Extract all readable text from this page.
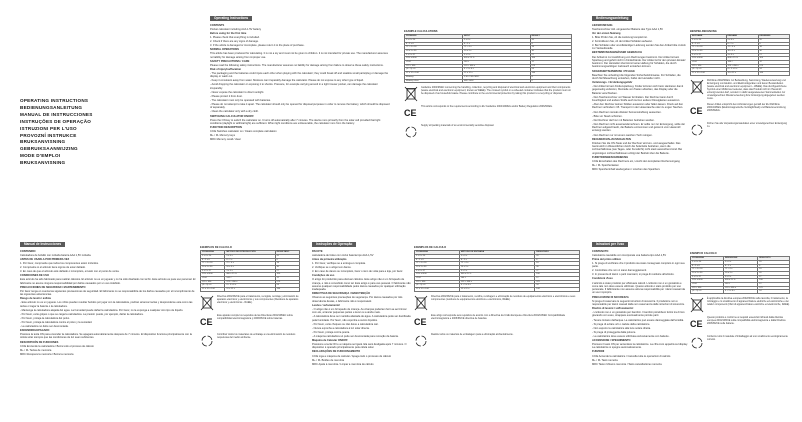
OPERATING INSTRUCTIONS
BEDIENUNGSANLEITUNG
MANUAL DE INSTRUCCIONES
INSTRUÇÕES DE OPERAÇÃO
ISTRUZIONI PER L'USO
PROVOZNÍ INSTRUKCE
BRUKSANVISNING
GEBRUIKSAANWIJZING
MODE D'EMPLOI
BRUKSANVISNING
Operating Instructions
CONTENTS
Pocket calculator including AAA 1.5V battery
Before using for the first time
1. Please check that everything is included.
2. Check if there are any signs of damage.
3. If the article is damaged or incomplete, please return it to the place of purchase.
NORMAL OPERATIONS
This article has been produced for calculating. It is not a toy and must not be given to children. It is not intended for private use. The manufacturer assumes no liability for damage arising from improper use.
SAFETY PRECAUTIONS / CARE
Please read the following safety instructions. The manufacturer assumes no liability for damage arising from failure to observe these safety instructions.
Risk of injury/suffocation
- The packaging and the batteries could injure each other when playing with the calculator; they could break off and swallow small parts/plug or damage the display or wash out.
- Keep it consistent away from water. Moisture can irreparably damage the calculator. Please do not expose to any other type of liquid.
- Avoid dropping the calculator or exposing it to shocks. Pressure, for example carrying around in a tight trouser pocket, can damage the calculator irreparably.
- Never expose the calculator to direct sunlight.
- Please protect it from dust.
- The calculator must only be operated with batteries.
- Please do not attempt to take it apart. The calculator should only be opened for disposal purposes in order to remove the battery, which should be disposed of separately.
- Clean the calculator only with a dry cloth.
SWITCHING CALCULATOR ON/OFF
Press the ON key to switch the calculator on. It turns off automatically after 7 minutes. The device runs primarily from the solar cell provided that light conditions (daylight or artificial light) are sufficient. When light conditions are unfavourable, the calculator runs from the battery.
FUNCTION DESCRIPTION
C/CE Switches calculator on / Clears complete calculation
M+ / M- Memory keys
MRC Memory recall / clear
EXAMPLE CALCULATIONS
PROBLEM	INPUT	RESULT
5 x 4 = 20	5 x 4 =	20
8 - 2 = 6	8 - 2 =	6
72 ÷ 4 = 18	72 ÷ 4 =	18
10 x 3 = 30	10 x 3 =	30
3 x 9 = 27	3 x 9 =	27
25% of 400	400 x 25 %	100
√144	144 √	12
123 + 456	123 + 456 =	579
(4 + 5) x 6	4 + 5 x 6 =	54
12 x 12 = 144	12 x 12 =	144
Memory	5 M+ 3 M+ MRC	8
Memory clear	MRC MRC	0
Guideline 2002/96/EC concerning the handling, collection, recycling and disposal of electrical and electronic equipment and their components (waste electrical and electronic equipment; known as WEEE). The crossed symbol on a wheeled container indicates that the product must not be disposed of as household waste. Please contribute to the environmental protection by taking this product to a recycling or disposal.
CE
This article corresponds to the requirements according to EU Guideline 2004/108/EG and/or Battery Regulation 2006/66/EG.
Supply all packing materials of an environmentally sensitive disposal.
Bedienungsanleitung
LIEFERUMFANG
Taschenrechner inkl. eingesetzter Batterie des Typs AAA 1,5V
Vor der ersten Nutzung
1. Bitte Prüfen Sie, ob die Lieferung komplett ist.
2. Kontrollieren Sie, ob der Artikel Schäden aufweist.
3. Bei Schäden oder unvollständiger Lieferung senden Sie den Artikel bitte zurück zur Verkaufsstelle.
BESTIMMUNGSGEMÄSSER GEBRAUCH
Der Artikel ist zur Ausführung von Rechnungen bestimmt. Der Artikel ist kein Spielzeug und gehört nicht in Kinderhände. Der Artikel ist für den privaten Einsatz bestimmt. Der Hersteller übernimmt keine Haftung für Schäden, die durch bestimmungswidrigen Gebrauch entstehen können.
SICHERHEITSHINWEISE / PFLEGE
Beachten Sie unbedingt die folgenden Sicherheitshinweise. Für Schäden, die durch Nichtbeachtung entstehen, haftet der Hersteller nicht.
Verletzungs- / Erstickungsgefahr
- Der Artikel ist kein Kinderspielzeug. Kinder könnten sich beim Hantieren damit gegenseitig verletzen, Kleinteile von Tasten abreißen, das Display oder die Batterie verschlucken.
- Den Taschenrechner vor Wasser fernhalten. Der Rechner kann durch Feuchtigkeit und andere Stoffe auch kurzen andere Flüssigkeiten aussetzen.
- Aber den Rechner keinen Stößen aussetzen oder fallen lassen. Druck auf den Rechner verhindern z.B. Transport in der Hosentasche oder zu engen Taschen.
- Den Rechner niemals direkter Sonnenstrahlung aussetzen.
- Bitte vor Staub schützen.
- Der Rechner darf nur mit Batterien betrieben werden.
- Den Rechner nicht auseinandernehmen. Er sollte nur zur Entsorgung, sollte der Rechner aufgeschraubt, die Batterie entnommen und getrennt vom Hausmüll entsorgt werden.
- Den Rechner nur mit einem weichen Tuch reinigen.
RECHNER EIN-/AUSSCHALTEN
Drücken Sie die ON-Taste und der Rechner wird ein- und ausgeschaltet. Das Gerät wird im Wesentlichen durch die Solarzelle betrieben, wenn die Lichtverhältnisse (wie Tages- oder Kunstlicht) nicht stark ausreichend sind. Bei ungünstigen Lichtverhältnissen erfolgt der Betrieb über die Batterie.
FUNKTIONSBESCHREIBUNG
C/CE Einschalten des Rechners ein, Löscht den kompletten Rechenvorgang
M+ / M- Speichertasten
MRC Speicherinhalt wiedergeben / Löschen des Speichers
BEISPIELRECHNUNG
AUFGABE	EINGABE	ERGEBNIS
5 x 4 = 20	5 x 4 =	20
8 - 2 = 6	8 - 2 =	6
72 ÷ 4 = 18	72 ÷ 4 =	18
10 x 3 = 30	10 x 3 =	30
3 x 9 = 27	3 x 9 =	27
25% of 400	400 x 25 %	100
√144	144 √	12
123 + 456	123 + 456 =	579
(4 + 5) x 6	4 + 5 x 6 =	54
12 x 12 = 144	12 x 12 =	144
Richtlinie 2002/96/EG zur Behandlung, Sammlung, Wiederverwertung und Entsorgung von Elektro- und Elektronikgeräten und deren Bestandteilen (waste electrical and electronic equipment – WEEE). Das durchgestrichene Symbol einer Mülltonne bedeutet, dass das Produkt nicht im Hausmüll entsorgt werden darf, sondern in dafür ausgewiesenen Sammelstellen zur umweltgerechten Wiederverwertung bzw. Entsorgung abgegeben werden muss.
CE
Dieser Artikel entspricht den Anforderungen gemäß der EU-Richtlinie 2004/108/EG (Elektromagnetische Verträglichkeit) und Batterieverordnung 2006/66/EG.
Führen Sie alle Verpackungsmaterialien einer umweltgerechten Entsorgung zu.
Manual de Instrucciones
CONTENIDO
Calculadora de bolsillo con incluida batería AAA 1,5V incluida.
ANTES DE USARLA POR PRIMERA VEZ
1. Por favor, compruebe que todos los componentes estén incluidos.
2. Compruebe si el artículo tiene signos de estar dañado.
3. En caso de que el artículo esté dañado o incompleto, envíelo con el punto de venta.
CONDICIONES DE USO
Este artículo ha sido fabricado para realizar cálculos. El artículo no es un juguete y no ha sido diseñado con tal fin. Este artículo es para uso personal. El fabricante no asume ninguna responsabilidad por daños causados por un uso indebido.
PRECAUCIONES DE SEGURIDAD / MANTENIMIENTO
Por favor tenga en cuenta las siguientes precauciones de seguridad. El fabricante no se responsabiliza de los daños causados por el incumplimiento de las siguientes advertencias.
Riesgo de lesión / asfixia
- Este artículo no es un juguete. Los niños pueden resultar heridos por jugar con la calculadora, podrían arrancar teclas y desprenderse esta como las teclas o tragar la batería o la calculadora.
- Mantenga la calculadora alejada del agua. La humedad puede dañar la calculadora. Por favor, no la exponga a cualquier otro tipo de líquido.
- Por favor, evite golpes o que se caiga la calculadora. La presión puede, por ejemplo, dañar la calculadora.
- Por favor, proteja la calculadora del polvo.
- Por favor, proteja la calculadora contra el polvo y la suciedad.
- La calculadora no debe ser desmontada.
ENCENDIDO/APAGADO
Presione la tecla ON para encender la calculadora. Se apagará automáticamente después de 7 minutos. El dispositivo funciona principalmente con la célula solar siempre que las condiciones de luz sean suficientes.
DESCRIPCIÓN DE FUNCIONES
C/CE Enciende la calculadora / Borra todo el proceso de cálculo
M+ / M- Teclas de memoria
MRC Recupera la memoria / Borra la memoria
EJEMPLOS DE CÁLCULO
PROBLEMA	MÉTODO DE INTRODUCCIÓN	RESULTADO
5 x 4 = 20	5 x 4 =	20
8 - 2 = 6	8 - 2 =	6
72 ÷ 4 = 18	72 ÷ 4 =	18
10 x 3 = 30	10 x 3 =	30
3 x 9 = 27	3 x 9 =	27
25% of 400	400 x 25 %	100
√144	144 √	12
123 + 456	123 + 456 =	579
(4 + 5) x 6	4 + 5 x 6 =	54
12 x 12 = 144	12 x 12 =	144
Directiva 2002/96/CE para el tratamiento, recogida, reciclaje y eliminación de aparatos eléctricos y electrónicos y sus componentes (Residuos de aparatos eléctricos y electrónicos - RAEE).
CE
Este aparato cumple los requisitos de las Directivas 2004/108/EC sobre compatibilidad electromagnética y 2006/66/CE sobre baterías.
Contribuir todos los materiales de embalaje a una eliminación de residuos respetuosa del medio ambiente.
Instruções de Operação
PACOTE
calculadora de bolso com incluí bateria tipo AAA 1,5V
Antes da primeira utilização
1. Por favor, verifique se a entrega é completa.
2. Verifique se o artigo tem danos.
3. Em caso de danos ou incompleto, favor o item de volta para a loja, por favor.
Condições de uso
O artigo foi produzido para efectuar cálculos. Este artigo não é um brinquedo de criança, e não é concebido como tal. Este artigo é para uso pessoal. O fabricante não assume qualquer responsabilidade pelos danos causados por qualquer utilização inadequada.
DIRECTIVAS DE SEGURANÇA / MANUTENÇÃO
Observe as seguintes precauções de segurança. Por danos causados por não observância destas, o fabricante não é responsável.
Lesões / sufocamento!
- O artigo não é um brinquedo de criança. As crianças poderiam ferir-se ao brincar com ele, arrancar pequenas partes e levar ou a ainda mais.
- A calculadora deve ser mantida afastada de água. A calculadora pode ser danificada pela humidade. Por favor, não exponha a outros líquidos.
- Por favor, evite choques ou não deixe a calculadora cair.
- Nunca exponha a calculadora à luz solar directa.
- Por favor, proteja contra poeira.
- A máquina calculadora só pode ser desmontada para remoção da bateria.
Máquina de Calcular ON/OFF
Pressione a tecla ON e a máquina se ligará. Ela será desligada após 7 minutos. O dispositivo é operado principalmente pela célula solar.
DECLARAÇÕES DE FUNCIONAMENTO
C/CE Liga a máquina de calcular / Apaga todo o processo de cálculo
M+ / M- Botões de memória
MRC Apela à memória / Limpar a memória de cálculo
EXEMPLOS DE CÁLCULO
PROBLEMA	MÉTODO DE ENTRADA	RESULTADO
5 x 4 = 20	5 x 4 =	20
8 - 2 = 6	8 - 2 =	6
72 ÷ 4 = 18	72 ÷ 4 =	18
10 x 3 = 30	10 x 3 =	30
3 x 9 = 27	3 x 9 =	27
25% of 400	400 x 25 %	100
√144	144 √	12
123 + 456	123 + 456 =	579
(4 + 5) x 6	4 + 5 x 6 =	54
12 x 12 = 144	12 x 12 =	144
Directiva 2002/96/CE para o tratamento, recolha, reciclagem e eliminação de resíduos de equipamentos eléctricos e electrónicos e seus componentes (resíduos de equipamentos eléctricos e electrónicos, REEE).
CE
Este artigo corresponde aos requisitos de acordo com a Directiva da União Europeia e Directiva 2004/108/EC Compatibilidade electromagnética e 2006/66/CE directiva de baterias.
Realize todos os materiais de embalagem para a eliminação ambientalmente.
Istruzioni per l'uso
CONTENUTO
Calcolatrice tascabile con incorporata una batteria tipo AAA 1,5V
Prima del primo utilizzo
1. Si prega di verificare che il prodotto sia stato consegnato completo in ogni sua parte.
2. Controllare che non vi siano danneggiamenti.
3. In presenza di danni o parti mancanti, si prega di restituire all'articolo.
Condizioni d'uso
L'articolo è stato prodotto per effettuare calcoli. L'articolo non è un giocattolo e come tale non deve essere utilizzato. Questo articolo è stato prodotto per uso personale. Il fabbricante non assume alcuna responsabilità per i danni causati da un uso improprio.
PRECAUZIONI DI SICUREZZA
Si prega di osservare le seguenti istruzioni di sicurezza. Il produttore non è responsabile per danni causati dalla non osservanza delle istruzioni di sicurezza.
Rischio di lesioni / soffocamento!
- L'articolo non è un giocattolo per bambini. I bambini potrebbero ferirsi tra di loro giocando con esso, strappare eventualmente piccole parti.
- Tenere lontano dall'acqua. La calcolatrice può essere danneggiata dall'umidità.
- Si prega di evitare urti o cadute della calcolatrice.
- Non esporre la calcolatrice alla luce solare diretta.
- Si prega di proteggerla dalla polvere.
- La calcolatrice deve essere utilizzata esclusivamente con batterie.
ACCENSIONE / SPEGNIMENTO
Premere il tasto ON per accendere la calcolatrice. La cifra zero apparirà sul display. La calcolatrice si spegne automaticamente.
FUNZIONI
C/CE Accende la calcolatrice / Cancella tutte le operazioni di calcolo
M+ / M- Tasti memoria
MRC Tasto richiamo memoria / Tasto cancellazione memoria
ESEMPI DI CALCOLO
PROBLEMA	IMMISSIONE	RISULTATO
5 x 4 = 20	5 x 4 =	20
8 - 2 = 6	8 - 2 =	6
72 ÷ 4 = 18	72 ÷ 4 =	18
10 x 3 = 30	10 x 3 =	30
3 x 9 = 27	3 x 9 =	27
25% of 400	400 x 25 %	100
√144	144 √	12
123 + 456	123 + 456 =	579
(4 + 5) x 6	4 + 5 x 6 =	54
È applicabile la direttiva europea 2002/96/CE sulla raccolta, il trattamento, la riciclaggio e lo smaltimento di apparecchiature elettriche ed elettroniche e dei relativi componenti (rifiuti di apparecchiature elettriche ed elettroniche, RAEE).
CE
Questo prodotto è conforme ai requisiti essenziali richiesti dalla direttiva europea 2004/108/CE sulla compatibilità elettromagnetica e dalla Direttiva 2006/66/CE sulle batterie.
Conferire tutto il materiale d'imballaggio ad uno smaltimento ecologicamente corretto.
